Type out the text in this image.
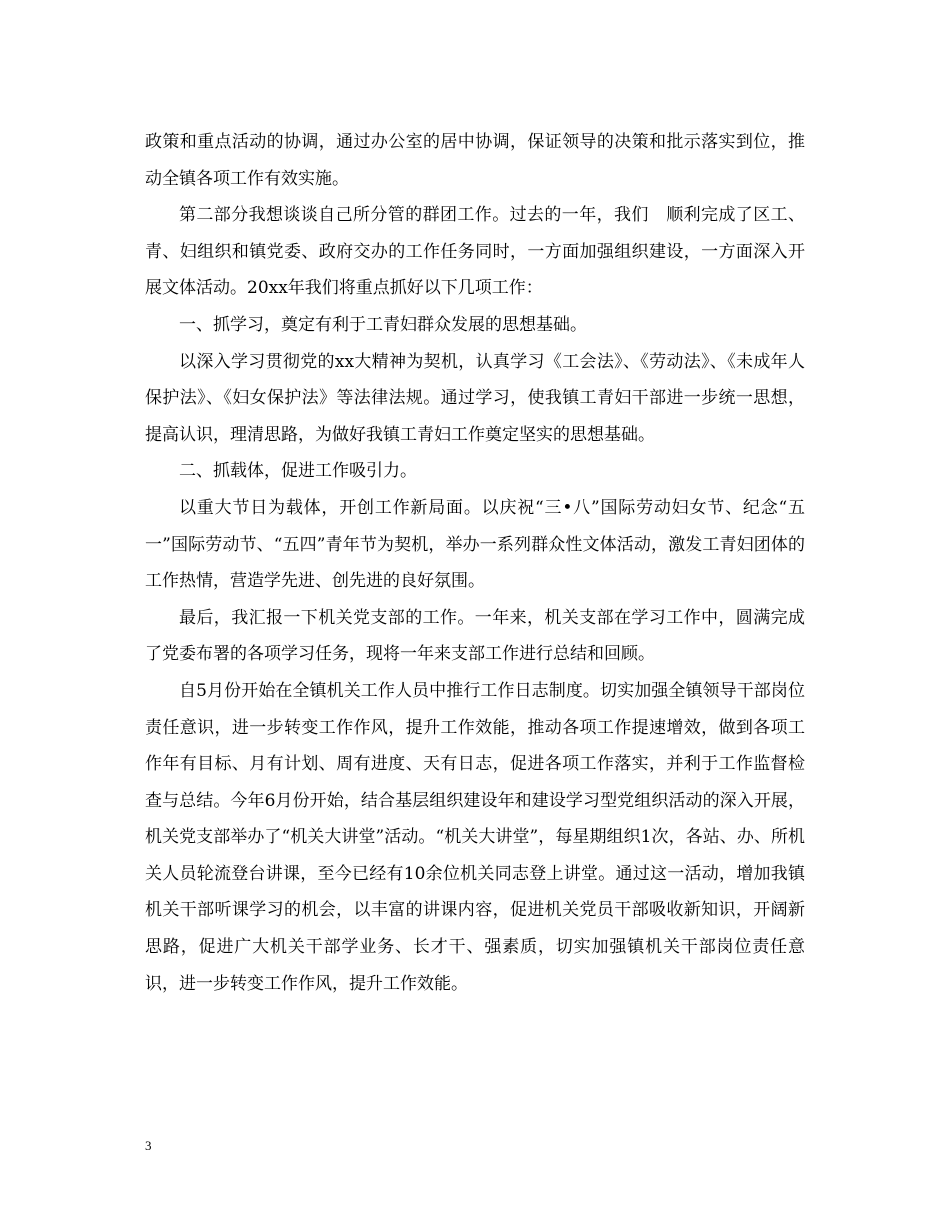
政策和重点活动的协调，通过办公室的居中协调，保证领导的决策和批示落实到位，推动全镇各项工作有效实施。

第二部分我想谈谈自己所分管的群团工作。过去的一年，我们　顺利完成了区工、青、妇组织和镇党委、政府交办的工作任务同时，一方面加强组织建设，一方面深入开展文体活动。20xx年我们将重点抓好以下几项工作：

一、抓学习，奠定有利于工青妇群众发展的思想基础。

以深入学习贯彻党的xx大精神为契机，认真学习《工会法》、《劳动法》、《未成年人保护法》、《妇女保护法》等法律法规。通过学习，使我镇工青妇干部进一步统一思想，提高认识，理清思路，为做好我镇工青妇工作奠定坚实的思想基础。

二、抓载体，促进工作吸引力。

以重大节日为载体，开创工作新局面。以庆祝“三•八”国际劳动妇女节、纪念“五一”国际劳动节、“五四”青年节为契机，举办一系列群众性文体活动，激发工青妇团体的工作热情，营造学先进、创先进的良好氛围。

最后，我汇报一下机关党支部的工作。一年来，机关支部在学习工作中，圆满完成了党委布署的各项学习任务，现将一年来支部工作进行总结和回顾。

自5月份开始在全镇机关工作人员中推行工作日志制度。切实加强全镇领导干部岗位责任意识，进一步转变工作作风，提升工作效能，推动各项工作提速增效，做到各项工作年有目标、月有计划、周有进度、天有日志，促进各项工作落实，并利于工作监督检查与总结。今年6月份开始，结合基层组织建设年和建设学习型党组织活动的深入开展，机关党支部举办了“机关大讲堂”活动。“机关大讲堂”，每星期组织1次，各站、办、所机关人员轮流登台讲课，至今已经有10余位机关同志登上讲堂。通过这一活动，增加我镇机关干部听课学习的机会，以丰富的讲课内容，促进机关党员干部吸收新知识，开阔新思路，促进广大机关干部学业务、长才干、强素质，切实加强镇机关干部岗位责任意识，进一步转变工作作风，提升工作效能。

3
